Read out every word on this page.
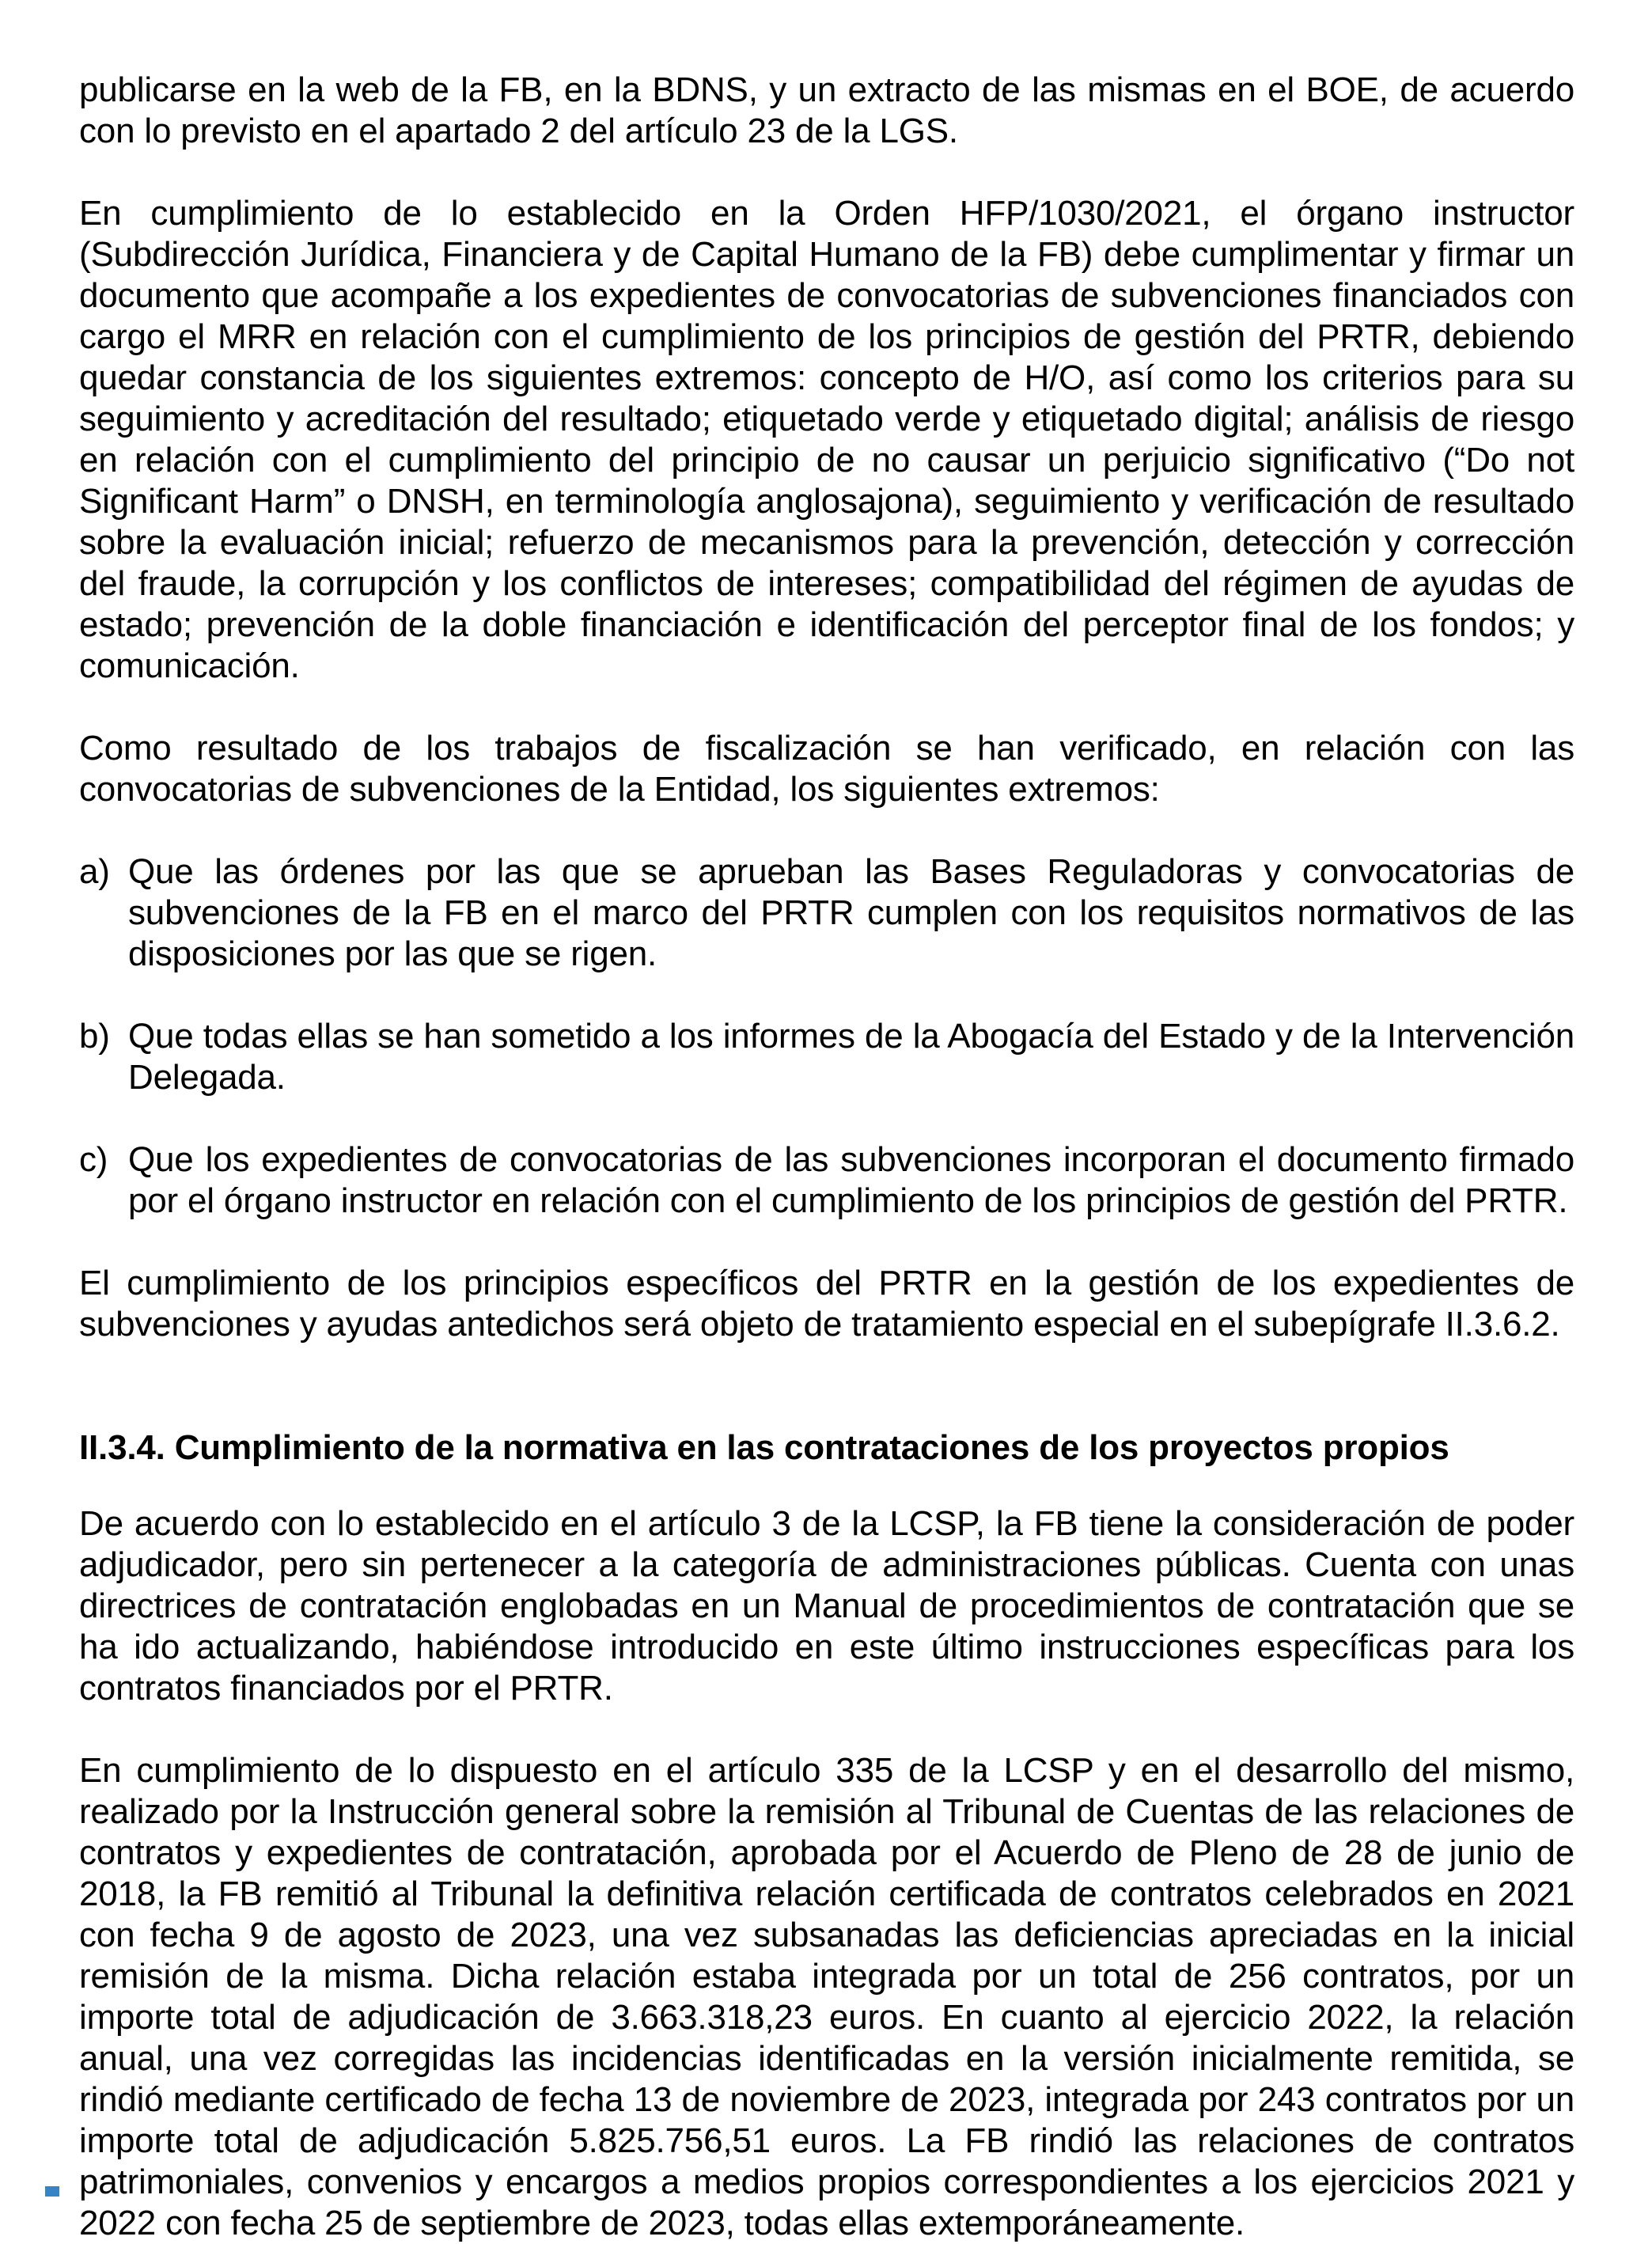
publicarse en la web de la FB, en la BDNS, y un extracto de las mismas en el BOE, de acuerdo con lo previsto en el apartado 2 del artículo 23 de la LGS.

En cumplimiento de lo establecido en la Orden HFP/1030/2021, el órgano instructor (Subdirección Jurídica, Financiera y de Capital Humano de la FB) debe cumplimentar y firmar un documento que acompañe a los expedientes de convocatorias de subvenciones financiados con cargo el MRR en relación con el cumplimiento de los principios de gestión del PRTR, debiendo quedar constancia de los siguientes extremos: concepto de H/O, así como los criterios para su seguimiento y acreditación del resultado; etiquetado verde y etiquetado digital; análisis de riesgo en relación con el cumplimiento del principio de no causar un perjuicio significativo (“Do not Significant Harm” o DNSH, en terminología anglosajona), seguimiento y verificación de resultado sobre la evaluación inicial; refuerzo de mecanismos para la prevención, detección y corrección del fraude, la corrupción y los conflictos de intereses; compatibilidad del régimen de ayudas de estado; prevención de la doble financiación e identificación del perceptor final de los fondos; y comunicación.

Como resultado de los trabajos de fiscalización se han verificado, en relación con las convocatorias de subvenciones de la Entidad, los siguientes extremos:

a) Que las órdenes por las que se aprueban las Bases Reguladoras y convocatorias de subvenciones de la FB en el marco del PRTR cumplen con los requisitos normativos de las disposiciones por las que se rigen.
b) Que todas ellas se han sometido a los informes de la Abogacía del Estado y de la Intervención Delegada.
c) Que los expedientes de convocatorias de las subvenciones incorporan el documento firmado por el órgano instructor en relación con el cumplimiento de los principios de gestión del PRTR.

El cumplimiento de los principios específicos del PRTR en la gestión de los expedientes de subvenciones y ayudas antedichos será objeto de tratamiento especial en el subepígrafe II.3.6.2.

II.3.4. Cumplimiento de la normativa en las contrataciones de los proyectos propios

De acuerdo con lo establecido en el artículo 3 de la LCSP, la FB tiene la consideración de poder adjudicador, pero sin pertenecer a la categoría de administraciones públicas. Cuenta con unas directrices de contratación englobadas en un Manual de procedimientos de contratación que se ha ido actualizando, habiéndose introducido en este último instrucciones específicas para los contratos financiados por el PRTR.

En cumplimiento de lo dispuesto en el artículo 335 de la LCSP y en el desarrollo del mismo, realizado por la Instrucción general sobre la remisión al Tribunal de Cuentas de las relaciones de contratos y expedientes de contratación, aprobada por el Acuerdo de Pleno de 28 de junio de 2018, la FB remitió al Tribunal la definitiva relación certificada de contratos celebrados en 2021 con fecha 9 de agosto de 2023, una vez subsanadas las deficiencias apreciadas en la inicial remisión de la misma. Dicha relación estaba integrada por un total de 256 contratos, por un importe total de adjudicación de 3.663.318,23 euros. En cuanto al ejercicio 2022, la relación anual, una vez corregidas las incidencias identificadas en la versión inicialmente remitida, se rindió mediante certificado de fecha 13 de noviembre de 2023, integrada por 243 contratos por un importe total de adjudicación 5.825.756,51 euros. La FB rindió las relaciones de contratos patrimoniales, convenios y encargos a medios propios correspondientes a los ejercicios 2021 y 2022 con fecha 25 de septiembre de 2023, todas ellas extemporáneamente.
